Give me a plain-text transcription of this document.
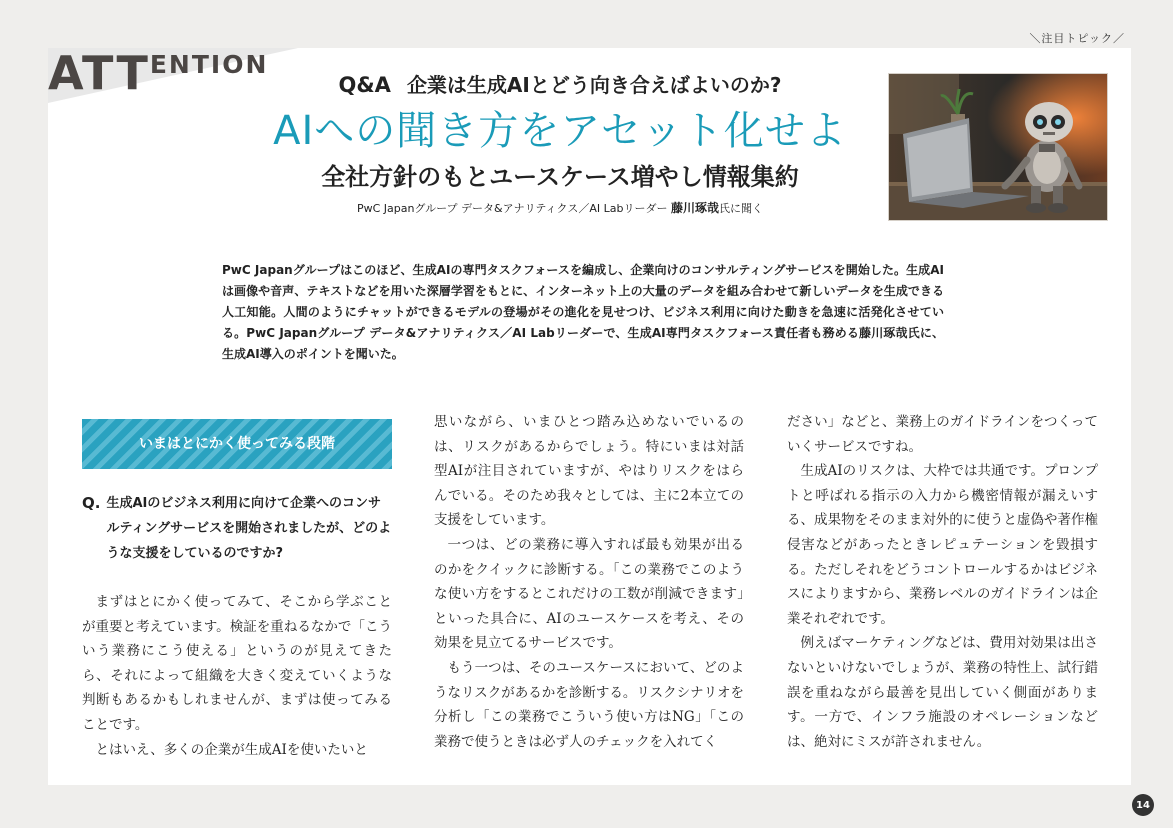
ATT ENTION
＼注目トピック／
Q&A 企業は生成AIとどう向き合えばよいのか?
AIへの聞き方をアセット化せよ
全社方針のもとユースケース増やし情報集約
PwC Japanグループ データ&アナリティクス／AI Labリーダー 藤川琢哉氏に聞く
PwC Japanグループはこのほど、生成AIの専門タスクフォースを編成し、企業向けのコンサルティングサービスを開始した。生成AIは画像や音声、テキストなどを用いた深層学習をもとに、インターネット上の大量のデータを組み合わせて新しいデータを生成できる人工知能。人間のようにチャットができるモデルの登場がその進化を見せつけ、ビジネス利用に向けた動きを急速に活発化させている。PwC Japanグループ データ&アナリティクス／AI Labリーダーで、生成AI専門タスクフォース責任者も務める藤川琢哉氏に、生成AI導入のポイントを聞いた。
いまはとにかく使ってみる段階
Q. 生成AIのビジネス利用に向けて企業へのコンサルティングサービスを開始されましたが、どのような支援をしているのですか?

まずはとにかく使ってみて、そこから学ぶことが重要と考えています。検証を重ねるなかで「こういう業務にこう使える」というのが見えてきたら、それによって組織を大きく変えていくような判断もあるかもしれませんが、まずは使ってみることです。

とはいえ、多くの企業が生成AIを使いたいと

思いながら、いまひとつ踏み込めないでいるのは、リスクがあるからでしょう。特にいまは対話型AIが注目されていますが、やはりリスクをはらんでいる。そのため我々としては、主に2本立ての支援をしています。

一つは、どの業務に導入すれば最も効果が出るのかをクイックに診断する。「この業務でこのような使い方をするとこれだけの工数が削減できます」といった具合に、AIのユースケースを考え、その効果を見立てるサービスです。

もう一つは、そのユースケースにおいて、どのようなリスクがあるかを診断する。リスクシナリオを分析し「この業務でこういう使い方はNG」「この業務で使うときは必ず人のチェックを入れてく

ださい」などと、業務上のガイドラインをつくっていくサービスですね。

生成AIのリスクは、大枠では共通です。プロンプトと呼ばれる指示の入力から機密情報が漏えいする、成果物をそのまま対外的に使うと虚偽や著作権侵害などがあったときレピュテーションを毀損する。ただしそれをどうコントロールするかはビジネスによりますから、業務レベルのガイドラインは企業それぞれです。

例えばマーケティングなどは、費用対効果は出さないといけないでしょうが、業務の特性上、試行錯誤を重ねながら最善を見出していく側面があります。一方で、インフラ施設のオペレーションなどは、絶対にミスが許されません。

14
